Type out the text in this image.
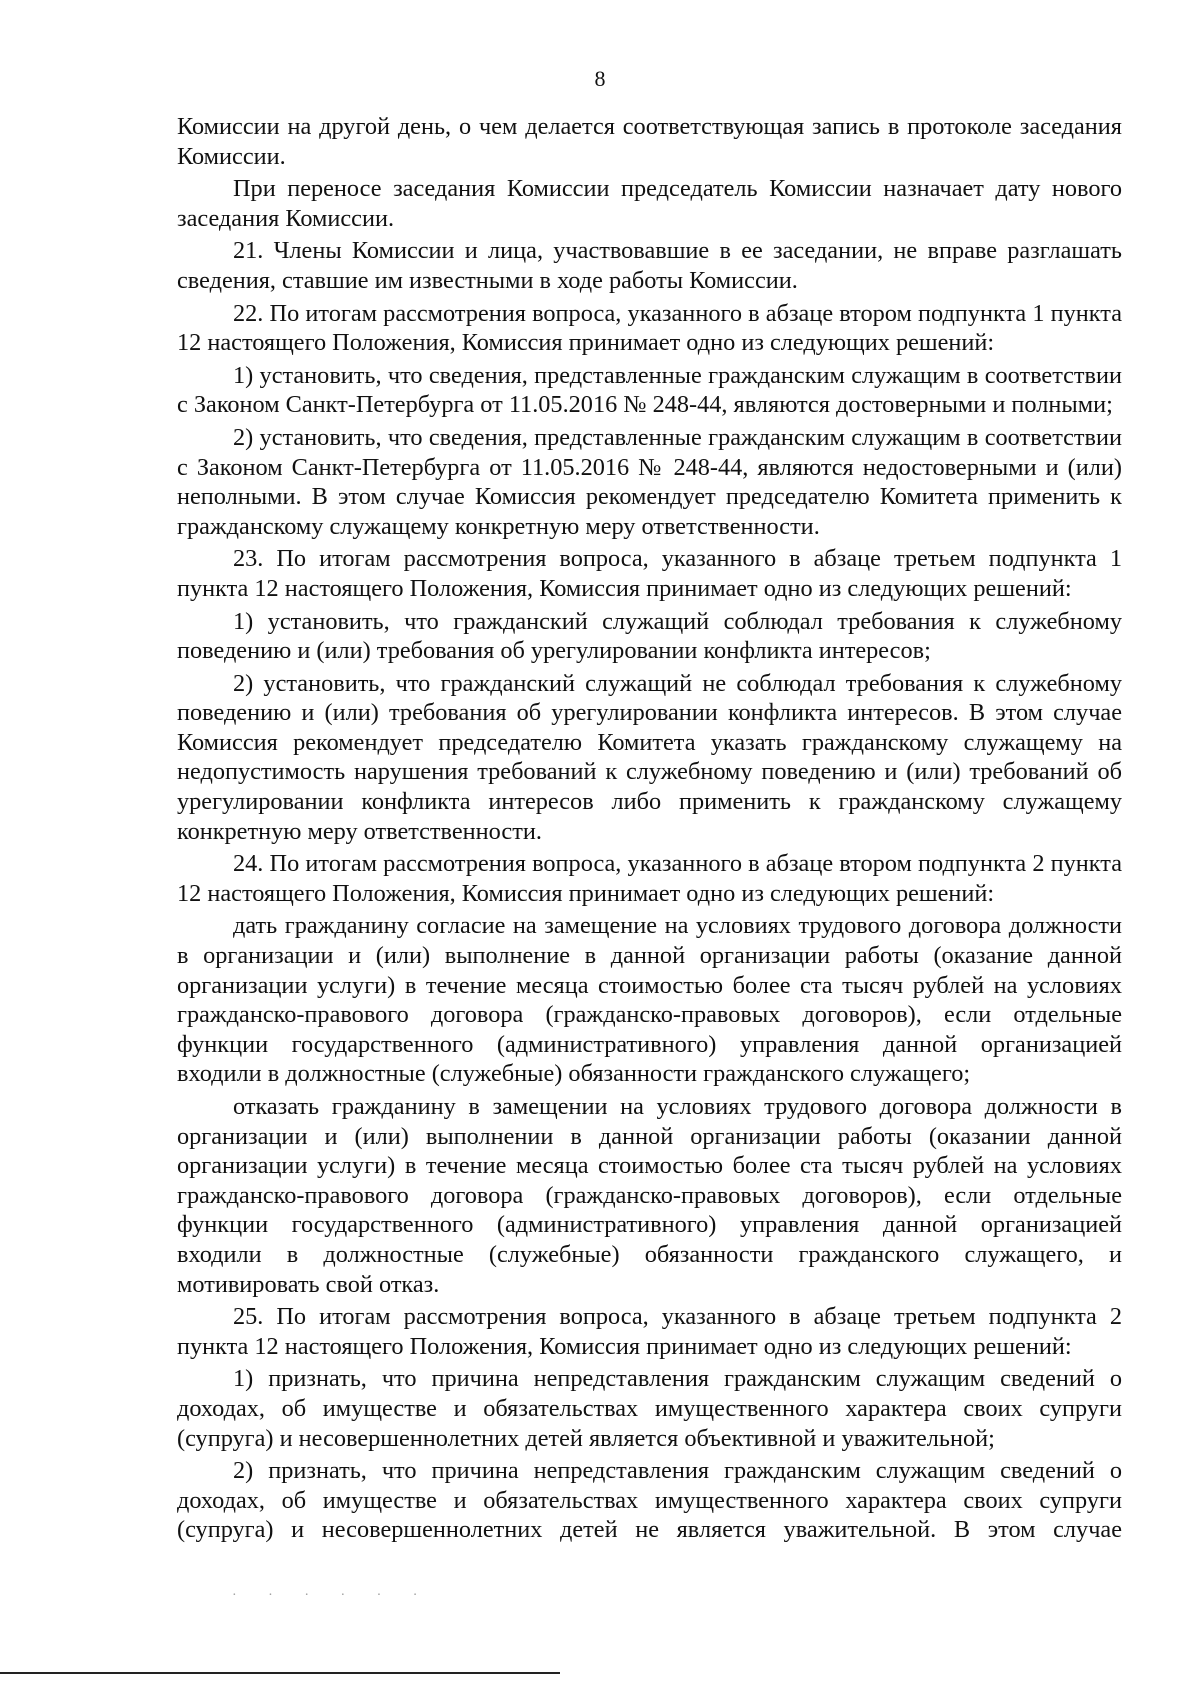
8

Комиссии на другой день, о чем делается соответствующая запись в протоколе заседания Комиссии.

При переносе заседания Комиссии председатель Комиссии назначает дату нового заседания Комиссии.

21. Члены Комиссии и лица, участвовавшие в ее заседании, не вправе разглашать сведения, ставшие им известными в ходе работы Комиссии.

22. По итогам рассмотрения вопроса, указанного в абзаце втором подпункта 1 пункта 12 настоящего Положения, Комиссия принимает одно из следующих решений:

1) установить, что сведения, представленные гражданским служащим в соответствии с Законом Санкт-Петербурга от 11.05.2016 № 248-44, являются достоверными и полными;

2) установить, что сведения, представленные гражданским служащим в соответствии с Законом Санкт-Петербурга от 11.05.2016 № 248-44, являются недостоверными и (или) неполными. В этом случае Комиссия рекомендует председателю Комитета применить к гражданскому служащему конкретную меру ответственности.

23. По итогам рассмотрения вопроса, указанного в абзаце третьем подпункта 1 пункта 12 настоящего Положения, Комиссия принимает одно из следующих решений:

1) установить, что гражданский служащий соблюдал требования к служебному поведению и (или) требования об урегулировании конфликта интересов;

2) установить, что гражданский служащий не соблюдал требования к служебному поведению и (или) требования об урегулировании конфликта интересов. В этом случае Комиссия рекомендует председателю Комитета указать гражданскому служащему на недопустимость нарушения требований к служебному поведению и (или) требований об урегулировании конфликта интересов либо применить к гражданскому служащему конкретную меру ответственности.

24. По итогам рассмотрения вопроса, указанного в абзаце втором подпункта 2 пункта 12 настоящего Положения, Комиссия принимает одно из следующих решений:

дать гражданину согласие на замещение на условиях трудового договора должности в организации и (или) выполнение в данной организации работы (оказание данной организации услуги) в течение месяца стоимостью более ста тысяч рублей на условиях гражданско-правового договора (гражданско-правовых договоров), если отдельные функции государственного (административного) управления данной организацией входили в должностные (служебные) обязанности гражданского служащего;

отказать гражданину в замещении на условиях трудового договора должности в организации и (или) выполнении в данной организации работы (оказании данной организации услуги) в течение месяца стоимостью более ста тысяч рублей на условиях гражданско-правового договора (гражданско-правовых договоров), если отдельные функции государственного (административного) управления данной организацией входили в должностные (служебные) обязанности гражданского служащего, и мотивировать свой отказ.

25. По итогам рассмотрения вопроса, указанного в абзаце третьем подпункта 2 пункта 12 настоящего Положения, Комиссия принимает одно из следующих решений:

1) признать, что причина непредставления гражданским служащим сведений о доходах, об имуществе и обязательствах имущественного характера своих супруги (супруга) и несовершеннолетних детей является объективной и уважительной;

2) признать, что причина непредставления гражданским служащим сведений о доходах, об имуществе и обязательствах имущественного характера своих супруги (супруга) и несовершеннолетних детей не является уважительной. В этом случае

· · · · · ·
